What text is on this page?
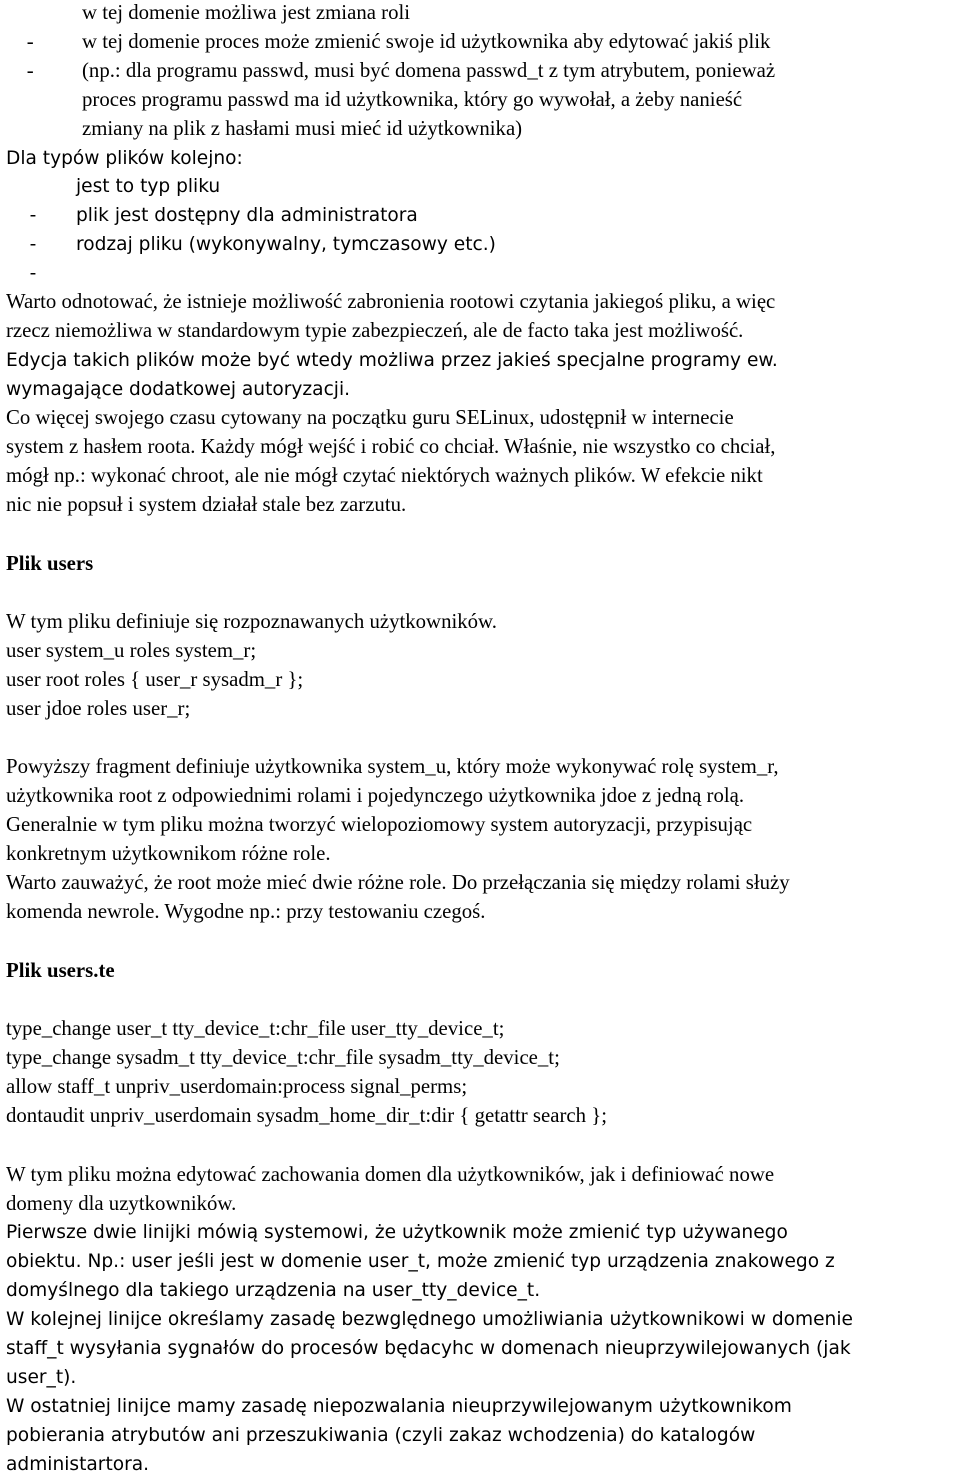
-

w tej domenie możliwa jest zmiana roli

-

w tej domenie proces może zmienić swoje id użytkownika aby edytować jakiś plik
(np.: dla programu passwd, musi być domena passwd_t z tym atrybutem, ponieważ
proces programu passwd ma id użytkownika, który go wywołał, a żeby nanieść
zmiany na plik z hasłami musi mieć id użytkownika)
Dla typów plików kolejno:

-

jest to typ pliku

-

plik jest dostępny dla administratora

-

rodzaj pliku (wykonywalny, tymczasowy etc.)
Warto odnotować, że istnieje możliwość zabronienia rootowi czytania jakiegoś pliku, a więc
rzecz niemożliwa w standardowym typie zabezpieczeń, ale de facto taka jest możliwość.
Edycja takich plików może być wtedy możliwa przez jakieś specjalne programy ew.
wymagające dodatkowej autoryzacji.
Co więcej swojego czasu cytowany na początku guru SELinux, udostępnił w internecie
system z hasłem roota. Każdy mógł wejść i robić co chciał. Właśnie, nie wszystko co chciał,
mógł np.: wykonać chroot, ale nie mógł czytać niektórych ważnych plików. W efekcie nikt
nic nie popsuł i system działał stale bez zarzutu.
Plik users
W tym pliku definiuje się rozpoznawanych użytkowników.
user system_u roles system_r;
user root roles { user_r sysadm_r };
user jdoe roles user_r;
Powyższy fragment definiuje użytkownika system_u, który może wykonywać rolę system_r,
użytkownika root z odpowiednimi rolami i pojedynczego użytkownika jdoe z jedną rolą.
Generalnie w tym pliku można tworzyć wielopoziomowy system autoryzacji, przypisując
konkretnym użytkownikom różne role.
Warto zauważyć, że root może mieć dwie różne role. Do przełączania się między rolami służy
komenda newrole. Wygodne np.: przy testowaniu czegoś.
Plik users.te
type_change user_t tty_device_t:chr_file user_tty_device_t;
type_change sysadm_t tty_device_t:chr_file sysadm_tty_device_t;
allow staff_t unpriv_userdomain:process signal_perms;
dontaudit unpriv_userdomain sysadm_home_dir_t:dir { getattr search };
W tym pliku można edytować zachowania domen dla użytkowników, jak i definiować nowe
domeny dla uzytkowników.
Pierwsze dwie linijki mówią systemowi, że użytkownik może zmienić typ używanego
obiektu. Np.: user jeśli jest w domenie user_t, może zmienić typ urządzenia znakowego z
domyślnego dla takiego urządzenia na user_tty_device_t.
W kolejnej linijce określamy zasadę bezwględnego umożliwiania użytkownikowi w domenie
staff_t wysyłania sygnałów do procesów będacyhc w domenach nieuprzywilejowanych (jak
user_t).
W ostatniej linijce mamy zasadę niepozwalania nieuprzywilejowanym użytkownikom
pobierania atrybutów ani przeszukiwania (czyli zakaz wchodzenia) do katalogów
administartora.
